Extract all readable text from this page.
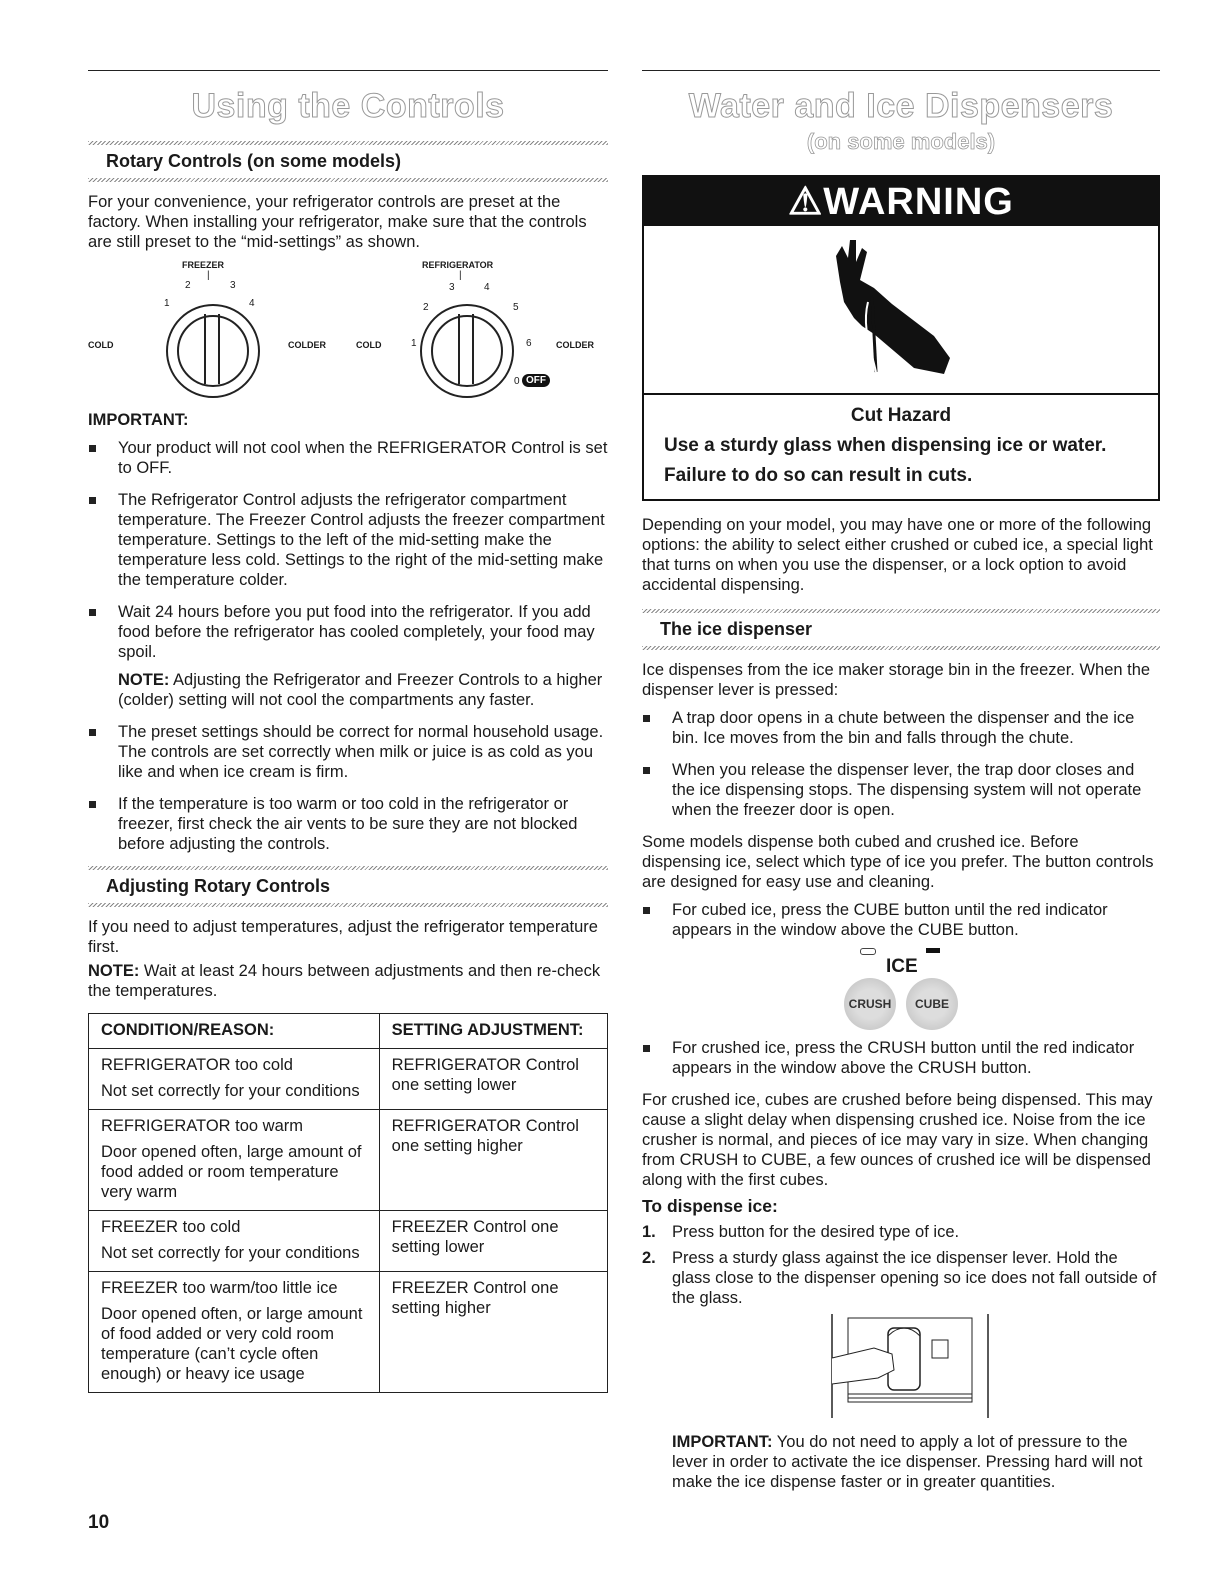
Using the Controls
Rotary Controls (on some models)

For your convenience, your refrigerator controls are preset at the factory. When installing your refrigerator, make sure that the controls are still preset to the “mid-settings” as shown.

FREEZER	REFRIGERATOR
|	|
1
2	3
4
COLD	COLDER	COLD	1
2
3	4
5
6
0 OFF
COLDER

IMPORTANT:

Your product will not cool when the REFRIGERATOR Control is set to OFF.
The Refrigerator Control adjusts the refrigerator compartment temperature. The Freezer Control adjusts the freezer compartment temperature. Settings to the left of the mid-setting make the temperature less cold. Settings to the right of the mid-setting make the temperature colder.
Wait 24 hours before you put food into the refrigerator. If you add food before the refrigerator has cooled completely, your food may spoil.
NOTE: Adjusting the Refrigerator and Freezer Controls to a higher (colder) setting will not cool the compartments any faster.
The preset settings should be correct for normal household usage. The controls are set correctly when milk or juice is as cold as you like and when ice cream is firm.
If the temperature is too warm or too cold in the refrigerator or freezer, first check the air vents to be sure they are not blocked before adjusting the controls.
Adjusting Rotary Controls

If you need to adjust temperatures, adjust the refrigerator temperature first.

NOTE: Wait at least 24 hours between adjustments and then re-check the temperatures.

CONDITION/REASON:	SETTING ADJUSTMENT:

REFRIGERATOR too cold
Not set correctly for your conditions	REFRIGERATOR Control one setting lower

REFRIGERATOR too warm
Door opened often, large amount of food added or room temperature very warm	REFRIGERATOR Control one setting higher

FREEZER too cold
Not set correctly for your conditions	FREEZER Control one setting lower

FREEZER too warm/too little ice
Door opened often, or large amount of food added or very cold room temperature (can’t cycle often enough) or heavy ice usage	FREEZER Control one setting higher
Water and Ice Dispensers
(on some models)
⚠WARNING
Cut Hazard
Use a sturdy glass when dispensing ice or water.
Failure to do so can result in cuts.

Depending on your model, you may have one or more of the following options: the ability to select either crushed or cubed ice, a special light that turns on when you use the dispenser, or a lock option to avoid accidental dispensing.

The ice dispenser

Ice dispenses from the ice maker storage bin in the freezer. When the dispenser lever is pressed:

A trap door opens in a chute between the dispenser and the ice bin. Ice moves from the bin and falls through the chute.
When you release the dispenser lever, the trap door closes and the ice dispensing stops. The dispensing system will not operate when the freezer door is open.

Some models dispense both cubed and crushed ice. Before dispensing ice, select which type of ice you prefer. The button controls are designed for easy use and cleaning.

For cubed ice, press the CUBE button until the red indicator appears in the window above the CUBE button.
ICE
CRUSH	CUBE
For crushed ice, press the CRUSH button until the red indicator appears in the window above the CRUSH button.

For crushed ice, cubes are crushed before being dispensed. This may cause a slight delay when dispensing crushed ice. Noise from the ice crusher is normal, and pieces of ice may vary in size. When changing from CRUSH to CUBE, a few ounces of crushed ice will be dispensed along with the first cubes.

To dispense ice:

1. Press button for the desired type of ice.
2. Press a sturdy glass against the ice dispenser lever. Hold the glass close to the dispenser opening so ice does not fall outside of the glass.

IMPORTANT: You do not need to apply a lot of pressure to the lever in order to activate the ice dispenser. Pressing hard will not make the ice dispense faster or in greater quantities.

10
